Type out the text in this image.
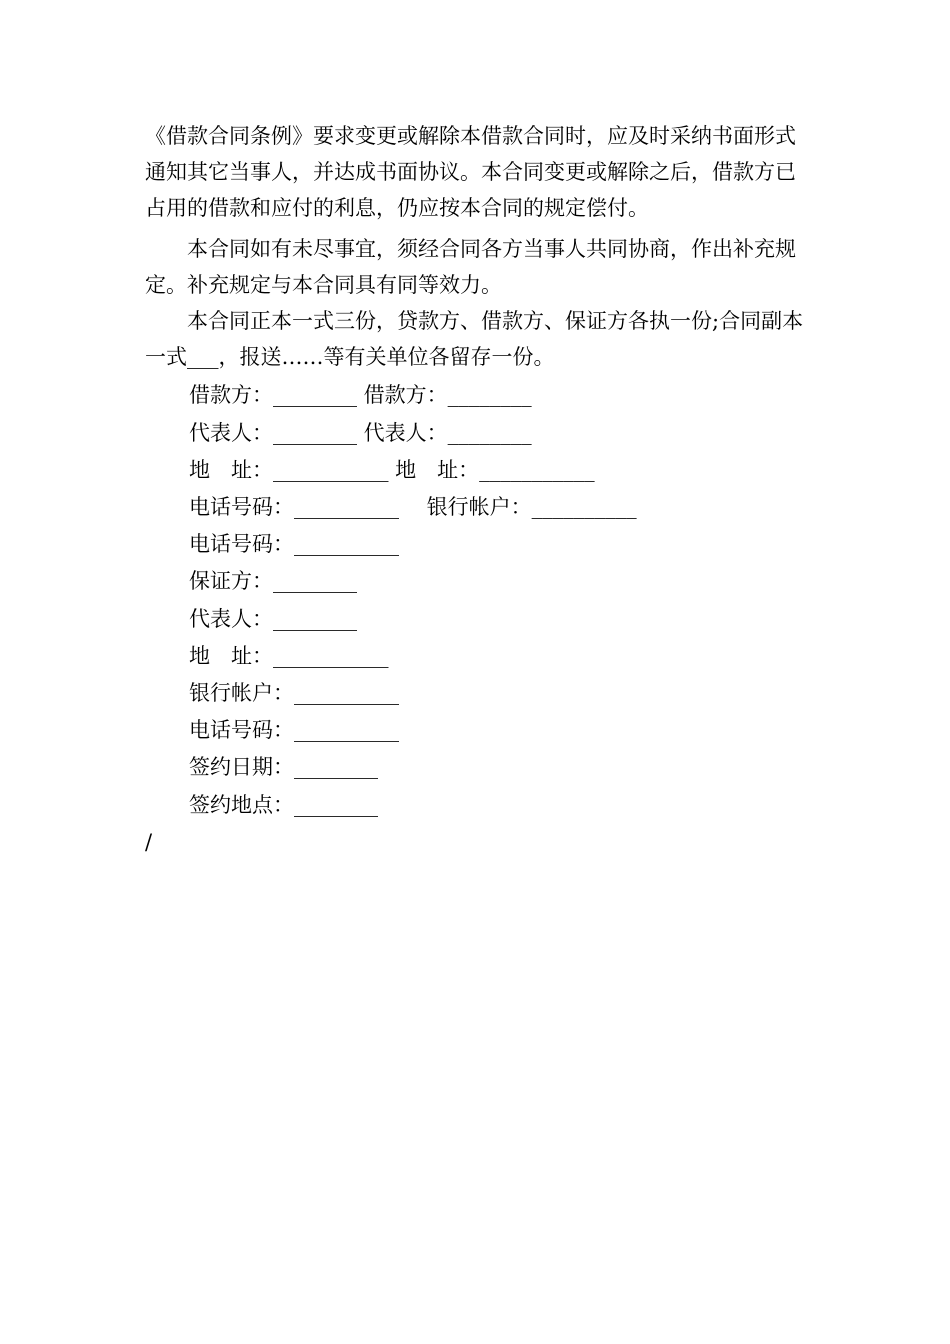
《借款合同条例》要求变更或解除本借款合同时，应及时采纳书面形式通知其它当事人，并达成书面协议。本合同变更或解除之后，借款方已占用的借款和应付的利息，仍应按本合同的规定偿付。

　　本合同如有未尽事宜，须经合同各方当事人共同协商，作出补充规定。补充规定与本合同具有同等效力。

　　本合同正本一式三份，贷款方、借款方、保证方各执一份;合同副本一式___，报送……等有关单位各留存一份。

借款方：________ 借款方：________
代表人：________ 代表人：________
地　址：___________ 地　址：___________
电话号码：__________　 银行帐户：__________
电话号码：__________
保证方：________
代表人：________
地　址：___________
银行帐户：__________
电话号码：__________
签约日期：________
签约地点：________
/
